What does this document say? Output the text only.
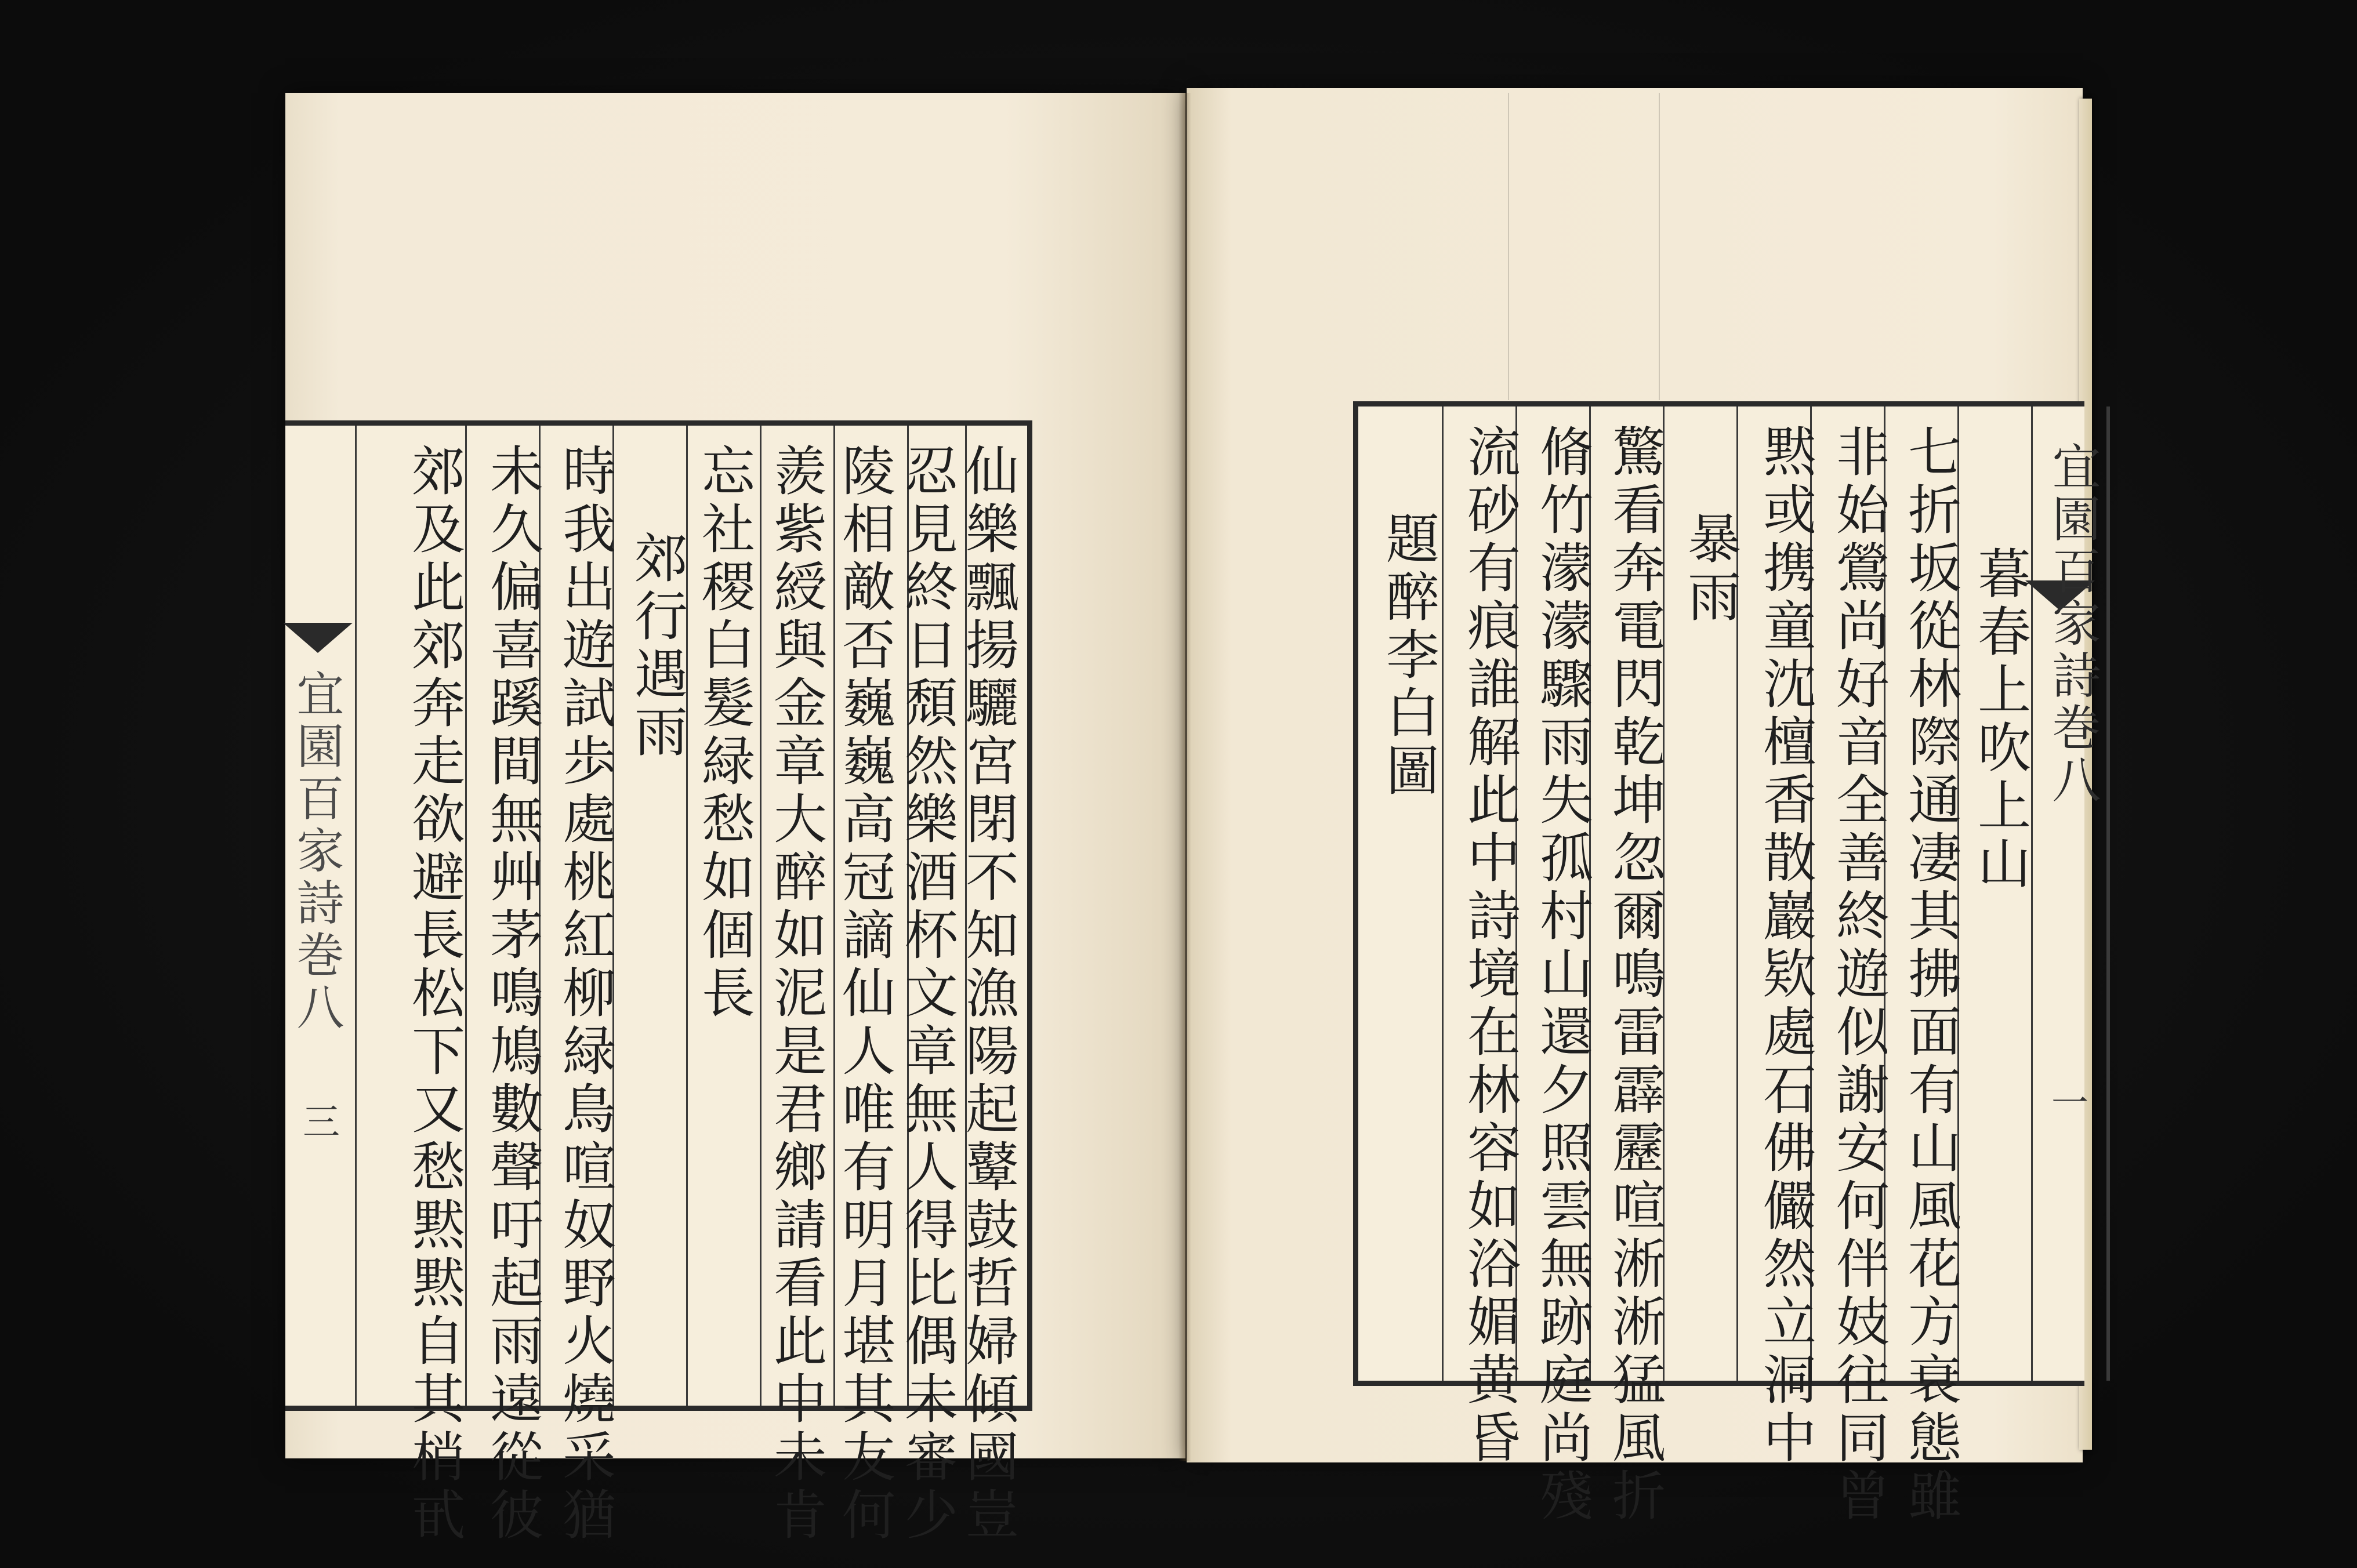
宜園百家詩巻八
三	仙樂飄揚驪宮閉不知漁陽起鼙鼓哲婦傾國豈
忍見終日頹然樂酒杯文章無人得比偶未審少
陵相敵否巍巍高冠謫仙人唯有明月堪其友何
羨紫綬與金章大醉如泥是君鄉請看此中未肯
忘社稷白髮緑愁如個長
郊行遇雨
時我出遊試歩處桃紅柳緑鳥喧奴野火燒采猶
未久偏喜蹊間無艸茅鳴鳩數聲吁起雨遠從彼
郊及此郊奔走欲避長松下又愁黙黙自其梢甙	宜園百家詩巻八
一
暮春上吹上山
七折坂從林際通凄其拂面有山風花方衰態雖
非始鶯尚好音全善終遊似謝安何伴妓往同曾
黙或携童沈檀香散巖欵處石佛儼然立洞中
暴雨
驚看奔電閃乾坤忽爾鳴雷霹靂喧淅淅猛風折
脩竹濛濛驟雨失孤村山還夕照雲無跡庭尚殘
流砂有痕誰解此中詩境在林容如浴媚黄昏
題醉李白圖
